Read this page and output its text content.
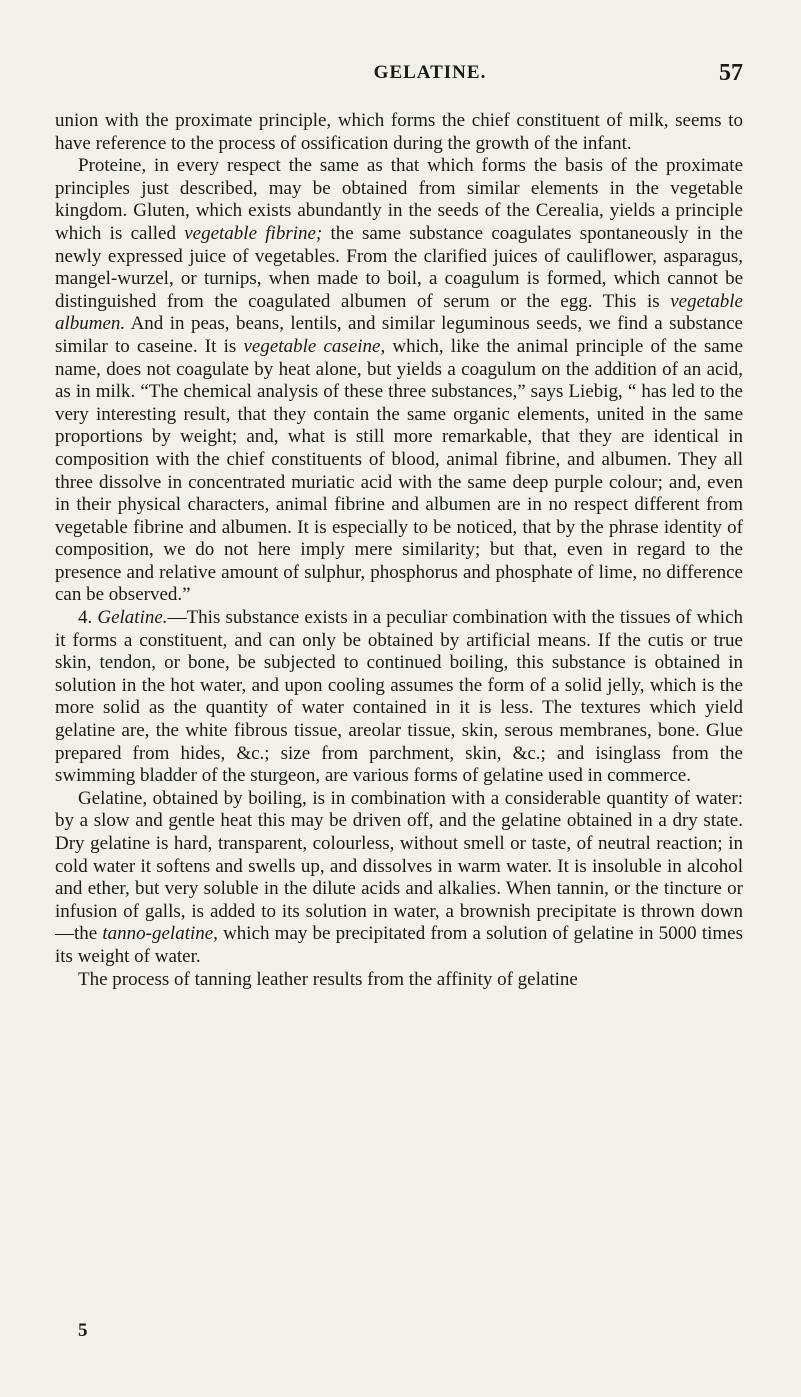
GELATINE.	57

union with the proximate principle, which forms the chief constituent of milk, seems to have reference to the process of ossification during the growth of the infant.

Proteine, in every respect the same as that which forms the basis of the proximate principles just described, may be obtained from similar elements in the vegetable kingdom. Gluten, which exists abundantly in the seeds of the Cerealia, yields a principle which is called vegetable fibrine; the same substance coagulates spontaneously in the newly expressed juice of vegetables. From the clarified juices of cauliflower, asparagus, mangel-wurzel, or turnips, when made to boil, a coagulum is formed, which cannot be distinguished from the coagulated albumen of serum or the egg. This is vegetable albumen. And in peas, beans, lentils, and similar leguminous seeds, we find a substance similar to caseine. It is vegetable caseine, which, like the animal principle of the same name, does not coagulate by heat alone, but yields a coagulum on the addition of an acid, as in milk. “The chemical analysis of these three substances,” says Liebig, “ has led to the very interesting result, that they contain the same organic elements, united in the same proportions by weight; and, what is still more remarkable, that they are identical in composition with the chief constituents of blood, animal fibrine, and albumen. They all three dissolve in concentrated muriatic acid with the same deep purple colour; and, even in their physical characters, animal fibrine and albumen are in no respect different from vegetable fibrine and albumen. It is especially to be noticed, that by the phrase identity of composition, we do not here imply mere similarity; but that, even in regard to the presence and relative amount of sulphur, phosphorus and phosphate of lime, no difference can be observed.”

4. Gelatine.—This substance exists in a peculiar combination with the tissues of which it forms a constituent, and can only be obtained by artificial means. If the cutis or true skin, tendon, or bone, be subjected to continued boiling, this substance is obtained in solution in the hot water, and upon cooling assumes the form of a solid jelly, which is the more solid as the quantity of water contained in it is less. The textures which yield gelatine are, the white fibrous tissue, areolar tissue, skin, serous membranes, bone. Glue prepared from hides, &c.; size from parchment, skin, &c.; and isinglass from the swimming bladder of the sturgeon, are various forms of gelatine used in commerce.

Gelatine, obtained by boiling, is in combination with a considerable quantity of water: by a slow and gentle heat this may be driven off, and the gelatine obtained in a dry state. Dry gelatine is hard, transparent, colourless, without smell or taste, of neutral reaction; in cold water it softens and swells up, and dissolves in warm water. It is insoluble in alcohol and ether, but very soluble in the dilute acids and alkalies. When tannin, or the tincture or infusion of galls, is added to its solution in water, a brownish precipitate is thrown down —the tanno-gelatine, which may be precipitated from a solution of gelatine in 5000 times its weight of water.

The process of tanning leather results from the affinity of gelatine

5
